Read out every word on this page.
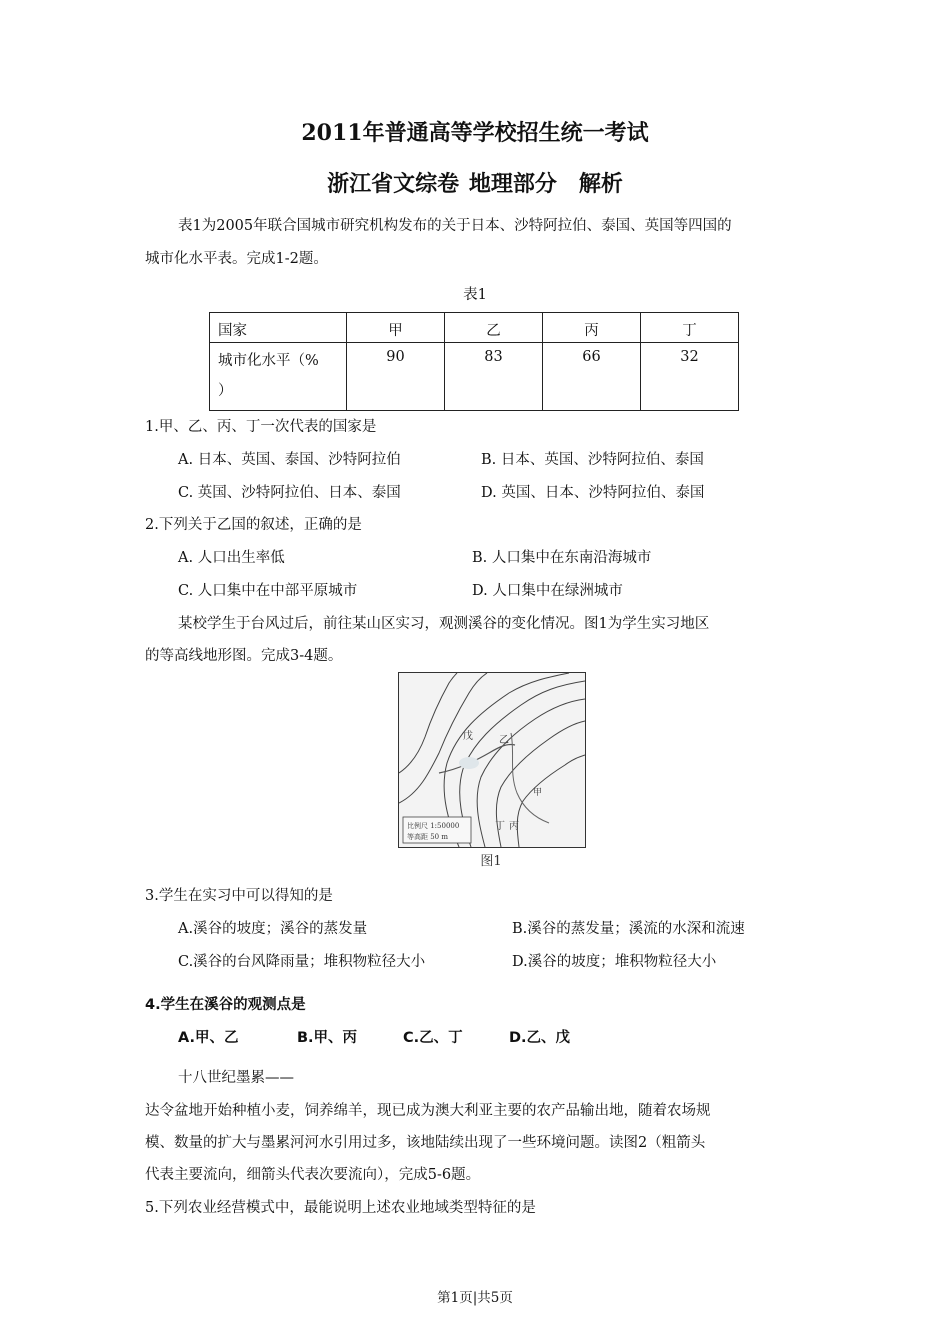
2011年普通高等学校招生统一考试
浙江省文综卷 地理部分　解析
表1为2005年联合国城市研究机构发布的关于日本、沙特阿拉伯、泰国、英国等四国的
城市化水平表。完成1-2题。
表1
国家	甲	乙	丙	丁

城市化水平（%
）	90	83	66	32
1.甲、乙、丙、丁一次代表的国家是
A. 日本、英国、泰国、沙特阿拉伯	B. 日本、英国、沙特阿拉伯、泰国
C. 英国、沙特阿拉伯、日本、泰国	D. 英国、日本、沙特阿拉伯、泰国
2.下列关于乙国的叙述，正确的是
A. 人口出生率低	B. 人口集中在东南沿海城市
C. 人口集中在中部平原城市	D. 人口集中在绿洲城市
某校学生于台风过后，前往某山区实习，观测溪谷的变化情况。图1为学生实习地区
的等高线地形图。完成3-4题。
戊	乙
甲
比例尺 1:50000
等高距 50 m
丁 丙
图1
3.学生在实习中可以得知的是
A.溪谷的坡度；溪谷的蒸发量	B.溪谷的蒸发量；溪流的水深和流速
C.溪谷的台风降雨量；堆积物粒径大小	D.溪谷的坡度；堆积物粒径大小
4.学生在溪谷的观测点是
A.甲、乙	B.甲、丙	C.乙、丁	D.乙、戊
十八世纪墨累——
达令盆地开始种植小麦，饲养绵羊，现已成为澳大利亚主要的农产品输出地，随着农场规
模、数量的扩大与墨累河河水引用过多，该地陆续出现了一些环境问题。读图2（粗箭头
代表主要流向，细箭头代表次要流向），完成5-6题。
5.下列农业经营模式中，最能说明上述农业地域类型特征的是
第1页|共5页
